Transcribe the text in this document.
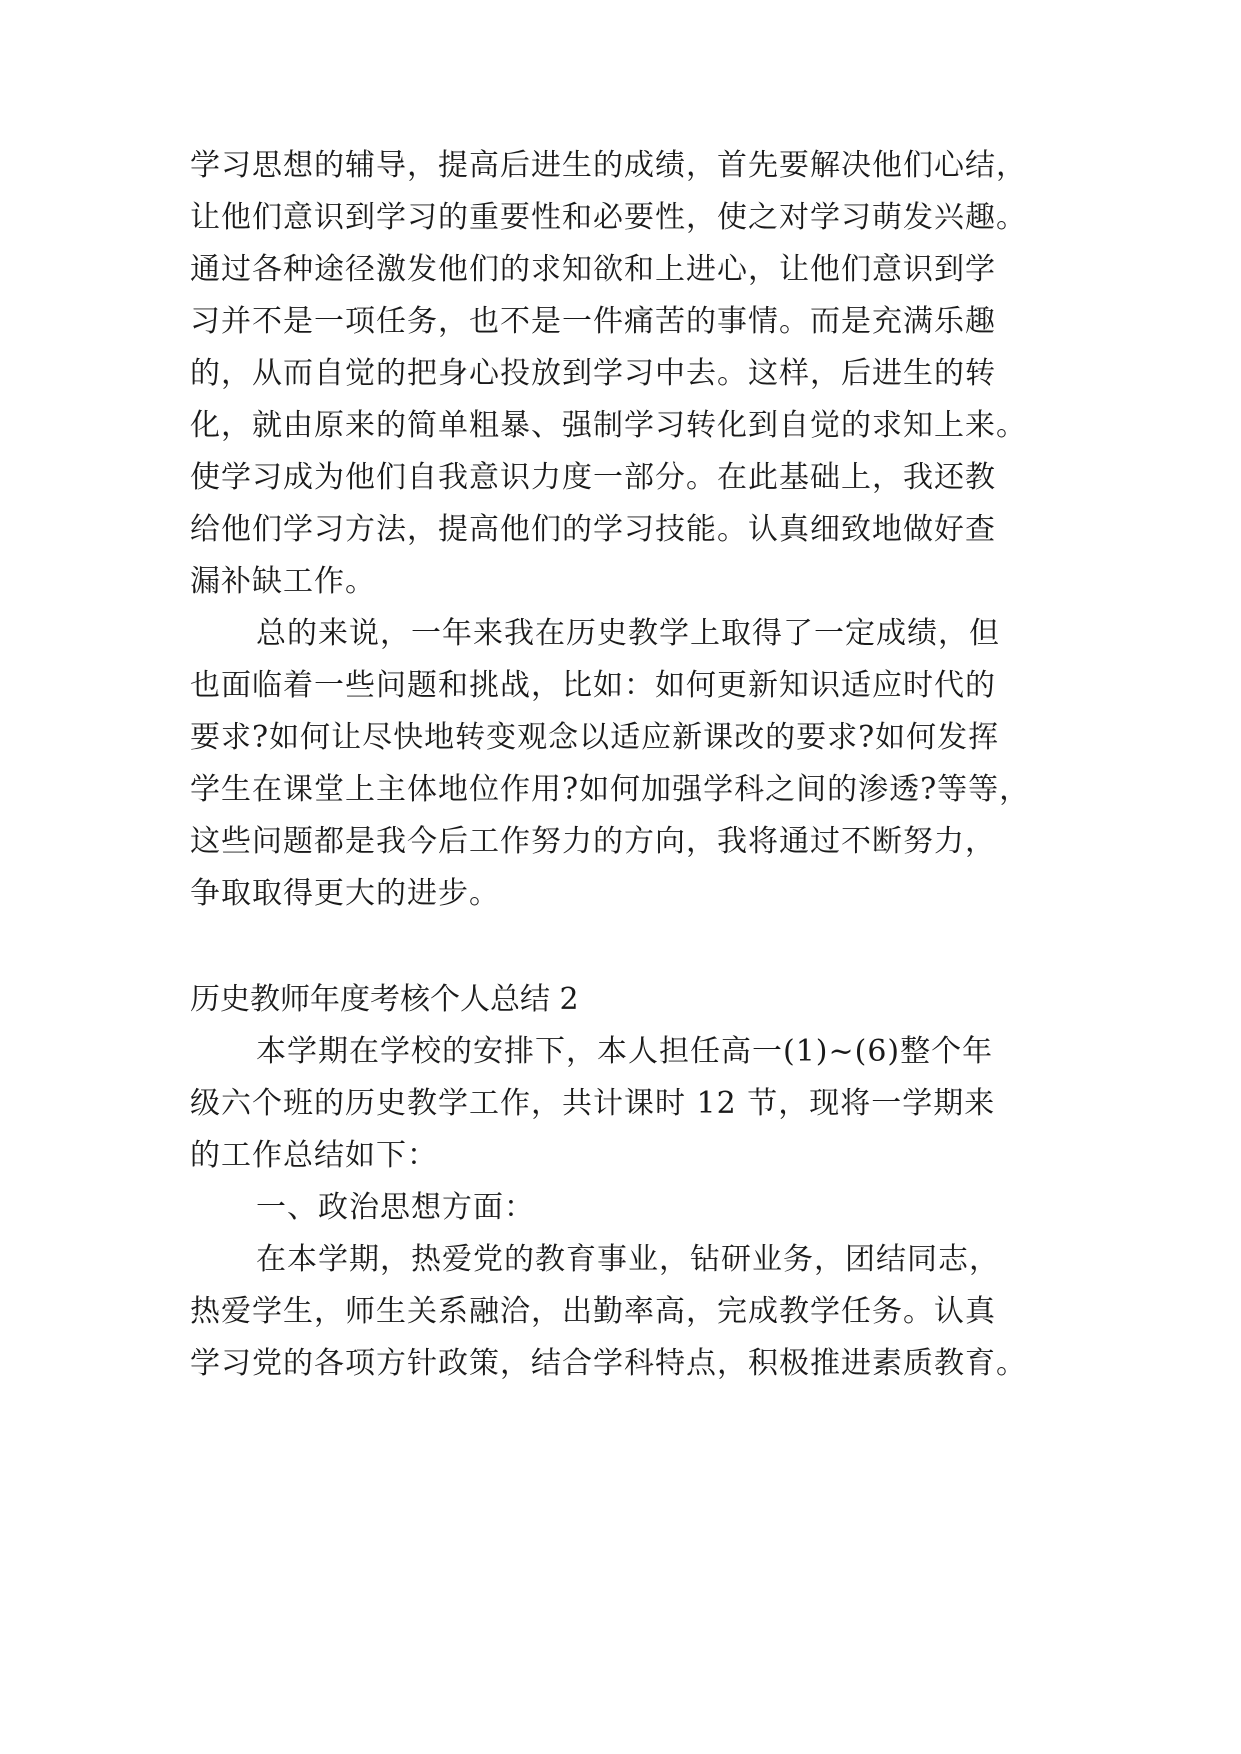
学习思想的辅导，提高后进生的成绩，首先要解决他们心结，
让他们意识到学习的重要性和必要性，使之对学习萌发兴趣。
通过各种途径激发他们的求知欲和上进心，让他们意识到学
习并不是一项任务，也不是一件痛苦的事情。而是充满乐趣
的，从而自觉的把身心投放到学习中去。这样，后进生的转
化，就由原来的简单粗暴、强制学习转化到自觉的求知上来。
使学习成为他们自我意识力度一部分。在此基础上，我还教
给他们学习方法，提高他们的学习技能。认真细致地做好查
漏补缺工作。
总的来说，一年来我在历史教学上取得了一定成绩，但
也面临着一些问题和挑战，比如：如何更新知识适应时代的
要求?如何让尽快地转变观念以适应新课改的要求?如何发挥
学生在课堂上主体地位作用?如何加强学科之间的渗透?等等，
这些问题都是我今后工作努力的方向，我将通过不断努力，
争取取得更大的进步。
历史教师年度考核个人总结 2
本学期在学校的安排下，本人担任高一(1)~(6)整个年
级六个班的历史教学工作，共计课时 12 节，现将一学期来
的工作总结如下：
一、政治思想方面：
在本学期，热爱党的教育事业，钻研业务，团结同志，
热爱学生，师生关系融洽，出勤率高，完成教学任务。认真
学习党的各项方针政策，结合学科特点，积极推进素质教育。
